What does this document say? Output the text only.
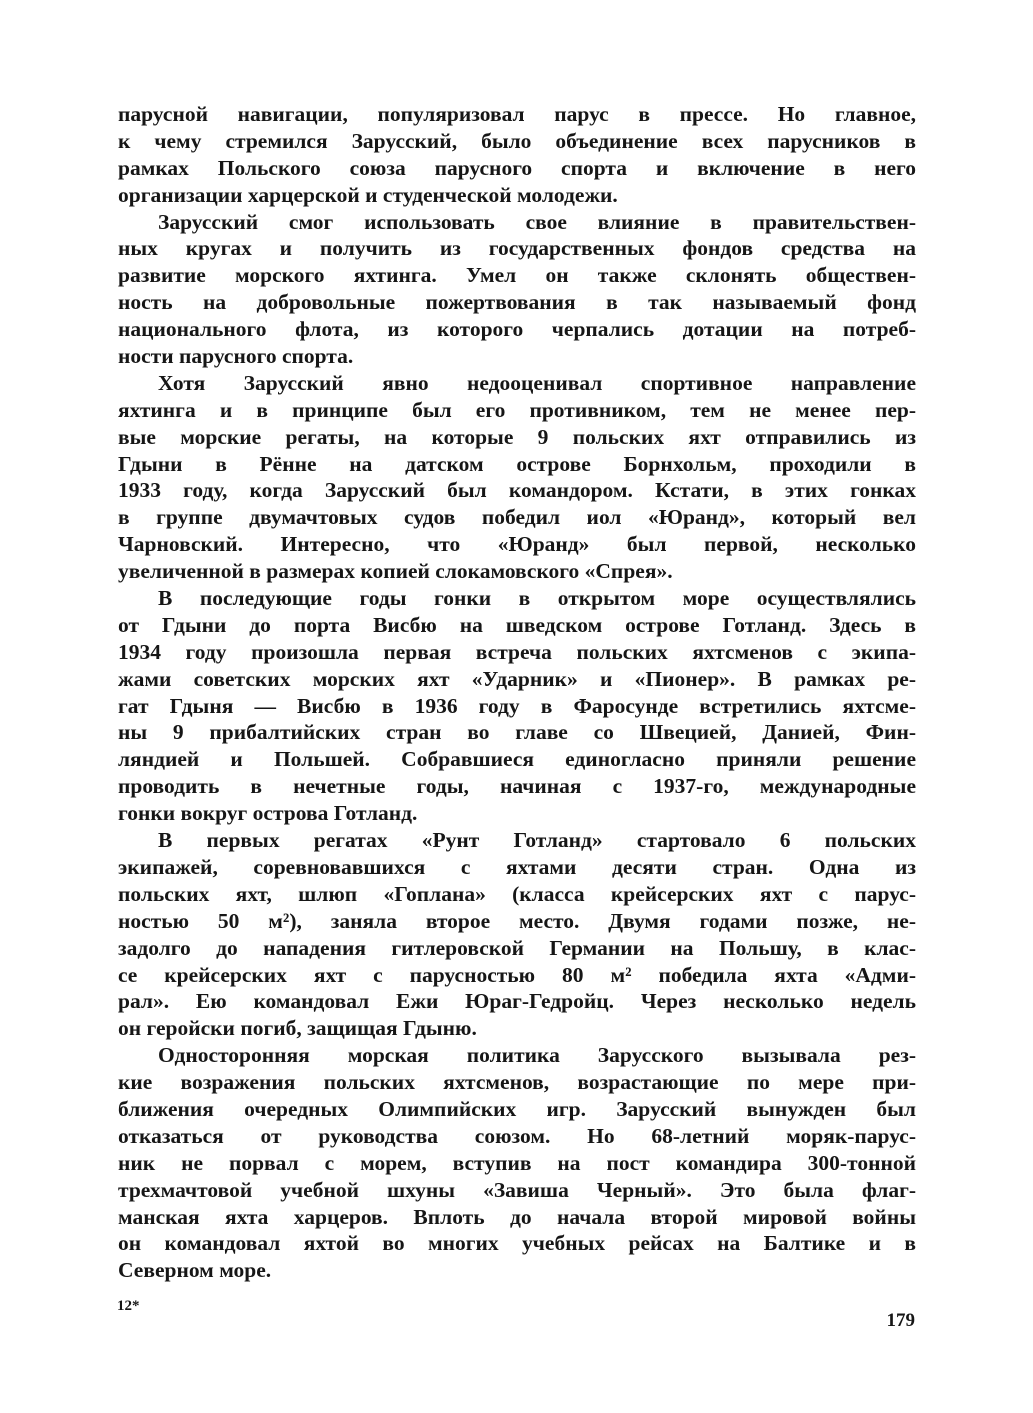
парусной навигации, популяризовал парус в прессе. Но главное,
к чему стремился Зарусский, было объединение всех парусников в
рамках Польского союза парусного спорта и включение в него
организации харцерской и студенческой молодежи.
Зарусский смог использовать свое влияние в правительствен-
ных кругах и получить из государственных фондов средства на
развитие морского яхтинга. Умел он также склонять обществен-
ность на добровольные пожертвования в так называемый фонд
национального флота, из которого черпались дотации на потреб-
ности парусного спорта.
Хотя Зарусский явно недооценивал спортивное направление
яхтинга и в принципе был его противником, тем не менее пер-
вые морские регаты, на которые 9 польских яхт отправились из
Гдыни в Рённе на датском острове Борнхольм, проходили в
1933 году, когда Зарусский был командором. Кстати, в этих гонках
в группе двумачтовых судов победил иол «Юранд», который вел
Чарновский. Интересно, что «Юранд» был первой, несколько
увеличенной в размерах копией слокамовского «Спрея».
В последующие годы гонки в открытом море осуществлялись
от Гдыни до порта Висбю на шведском острове Готланд. Здесь в
1934 году произошла первая встреча польских яхтсменов с экипа-
жами советских морских яхт «Ударник» и «Пионер». В рамках ре-
гат Гдыня — Висбю в 1936 году в Фаросунде встретились яхтсме-
ны 9 прибалтийских стран во главе со Швецией, Данией, Фин-
ляндией и Польшей. Собравшиеся единогласно приняли решение
проводить в нечетные годы, начиная с 1937-го, международные
гонки вокруг острова Готланд.
В первых регатах «Рунт Готланд» стартовало 6 польских
экипажей, соревновавшихся с яхтами десяти стран. Одна из
польских яхт, шлюп «Гоплана» (класса крейсерских яхт с парус-
ностью 50 м²), заняла второе место. Двумя годами позже, не-
задолго до нападения гитлеровской Германии на Польшу, в клас-
се крейсерских яхт с парусностью 80 м² победила яхта «Адми-
рал». Ею командовал Ежи Юраг-Гедройц. Через несколько недель
он геройски погиб, защищая Гдыню.
Односторонняя морская политика Зарусского вызывала рез-
кие возражения польских яхтсменов, возрастающие по мере при-
ближения очередных Олимпийских игр. Зарусский вынужден был
отказаться от руководства союзом. Но 68-летний моряк-парус-
ник не порвал с морем, вступив на пост командира 300-тонной
трехмачтовой учебной шхуны «Завиша Черный». Это была флаг-
манская яхта харцеров. Вплоть до начала второй мировой войны
он командовал яхтой во многих учебных рейсах на Балтике и в
Северном море.
12*
179
